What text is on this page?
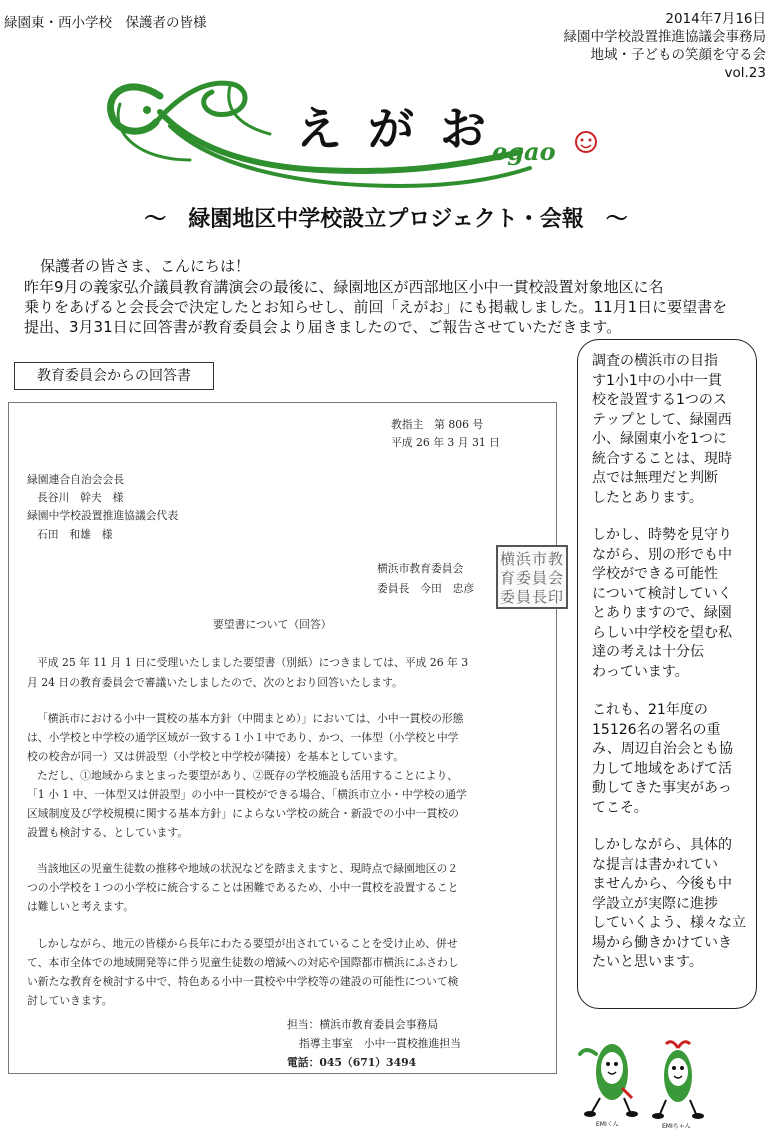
緑園東・西小学校　保護者の皆様	2014年7月16日
緑園中学校設置推進協議会事務局
地域・子どもの笑顔を守る会
vol.23
egao
えがお
～　緑園地区中学校設立プロジェクト・会報　～
保護者の皆さま、こんにちは！
昨年9月の義家弘介議員教育講演会の最後に、緑園地区が西部地区小中一貫校設置対象地区に名
乗りをあげると会長会で決定したとお知らせし、前回「えがお」にも掲載しました。11月1日に要望書を
提出、3月31日に回答書が教育委員会より届きましたので、ご報告させていただきます。
教育委員会からの回答書
教指主　第 806 号
平成 26 年 3 月 31 日
緑園連合自治会会長
長谷川　幹夫　様
緑園中学校設置推進協議会代表
石田　和雄　様
横浜市教育委員会
委員長　今田　忠彦
横浜市教
育委員会
委員長印
要望書について（回答）
平成 25 年 11 月 1 日に受理いたしました要望書（別紙）につきましては、平成 26 年 3
月 24 日の教育委員会で審議いたしましたので、次のとおり回答いたします。
「横浜市における小中一貫校の基本方針（中間まとめ）」においては、小中一貫校の形態
は、小学校と中学校の通学区域が一致する１小１中であり、かつ、一体型（小学校と中学
校の校舎が同一）又は併設型（小学校と中学校が隣接）を基本としています。
ただし、①地域からまとまった要望があり、②既存の学校施設も活用することにより、
「1 小 1 中、一体型又は併設型」の小中一貫校ができる場合、「横浜市立小・中学校の通学
区域制度及び学校規模に関する基本方針」によらない学校の統合・新設での小中一貫校の
設置も検討する、としています。
当該地区の児童生徒数の推移や地域の状況などを踏まえますと、現時点で緑園地区の２
つの小学校を１つの小学校に統合することは困難であるため、小中一貫校を設置すること
は難しいと考えます。
しかしながら、地元の皆様から長年にわたる要望が出されていることを受け止め、併せ
て、本市全体での地域開発等に伴う児童生徒数の増減への対応や国際都市横浜にふさわし
い新たな教育を検討する中で、特色ある小中一貫校や中学校等の建設の可能性について検
討していきます。
担当：横浜市教育委員会事務局
指導主事室　小中一貫校推進担当
電話：045（671）3494
調査の横浜市の目指
す1小1中の小中一貫
校を設置する1つのス
テップとして、緑園西
小、緑園東小を1つに
統合することは、現時
点では無理だと判断
したとあります。
しかし、時勢を見守り
ながら、別の形でも中
学校ができる可能性
について検討していく
とありますので、緑園
らしい中学校を望む私
達の考えは十分伝
わっています。
これも、21年度の
15126名の署名の重
み、周辺自治会とも協
力して地域をあげて活
動してきた事実があっ
てこそ。
しかしながら、具体的
な提言は書かれてい
ませんから、今後も中
学設立が実際に進捗
していくよう、様々な立
場から働きかけていき
たいと思います。
EMIくん	EMIちゃん
